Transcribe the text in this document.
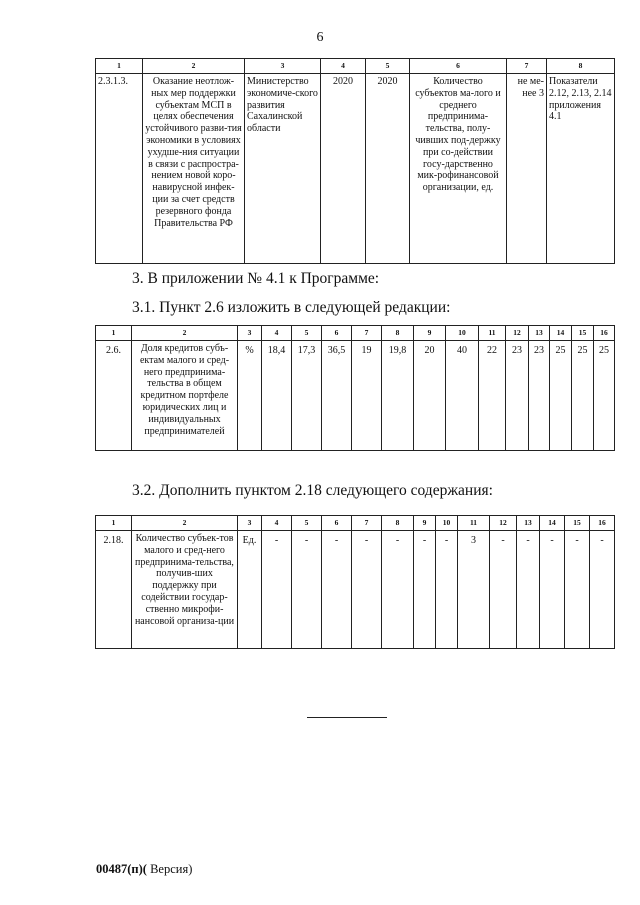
6
1	2	3	4	5	6	7	8
2.3.1.3.	Оказание неотлож-ных мер поддержки субъектам МСП в целях обеспечения устойчивого разви-тия экономики в условиях ухудше-ния ситуации в связи с распростра-нением новой коро-навирусной инфек-ции за счет средств резервного фонда Правительства РФ	Министерство экономиче-ского развития Сахалинской области	2020	2020	Количество субъектов ма-лого и среднего предпринима-тельства, полу-чивших под-держку при со-действии госу-дарственно мик-рофинансовой организации, ед.	не ме-нее 3	Показатели 2.12, 2.13, 2.14 приложения 4.1
3. В приложении № 4.1 к Программе:
3.1. Пункт 2.6 изложить в следующей редакции:
1	2	3	4	5	6	7	8	9	10	11	12	13	14	15	16
2.6.	Доля кредитов субъ-ектам малого и сред-него предпринима-тельства в общем кредитном портфеле юридических лиц и индивидуальных предпринимателей	%	18,4	17,3	36,5	19	19,8	20	40	22	23	23	25	25	25
3.2. Дополнить пунктом 2.18 следующего содержания:
1	2	3	4	5	6	7	8	9	10	11	12	13	14	15	16
2.18.	Количество субъек-тов малого и сред-него предпринима-тельства, получив-ших поддержку при содействии государ-ственно микрофи-нансовой организа-ции	Ед.	-	-	-	-	-	-	-	3	-	-	-	-	-
00487(п)( Версия)
